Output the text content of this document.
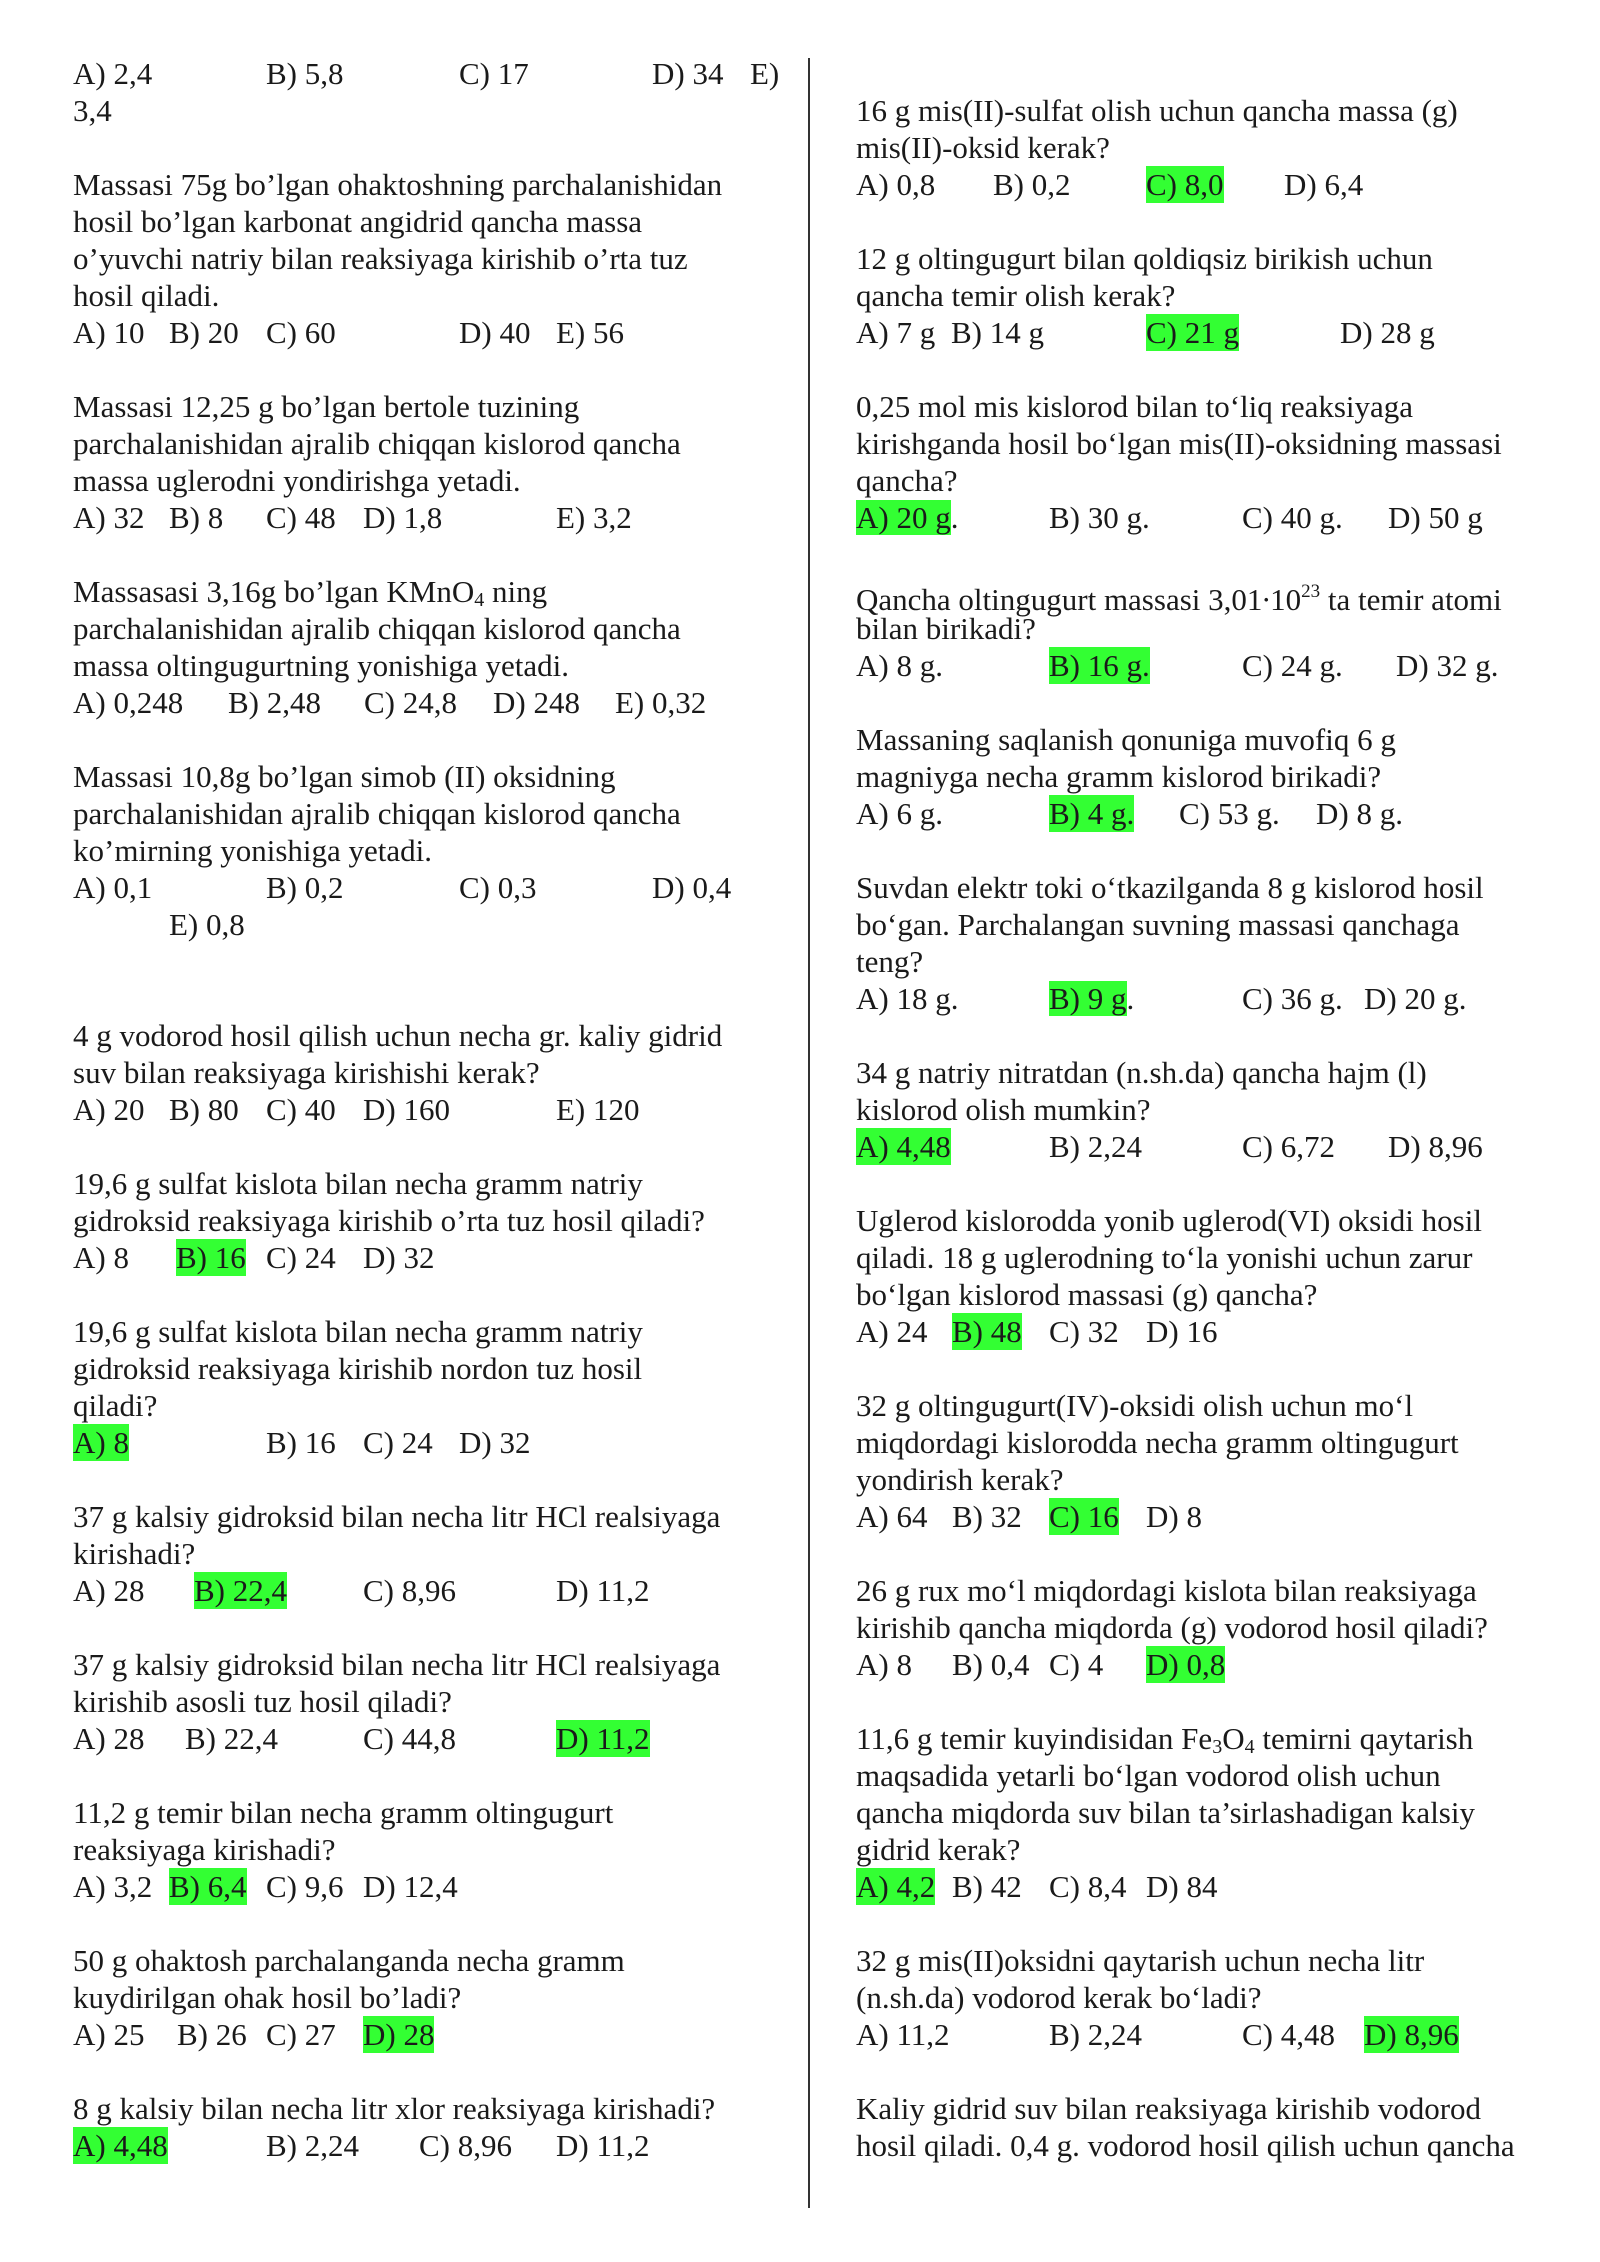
A) 2,4	B) 5,8	C) 17	D) 34 E)
3,4
Massasi 75g bo’lgan ohaktoshning parchalanishidan
hosil bo’lgan karbonat angidrid qancha massa
o’yuvchi natriy bilan reaksiyaga kirishib o’rta tuz
hosil qiladi.
A) 10 B) 20 C) 60	D) 40 E) 56
Massasi 12,25 g bo’lgan bertole tuzining
parchalanishidan ajralib chiqqan kislorod qancha
massa uglerodni yondirishga yetadi.
A) 32 B) 8 C) 48 D) 1,8	E) 3,2
Massasasi 3,16g bo’lgan KMnO$_4$ ning
parchalanishidan ajralib chiqqan kislorod qancha
massa oltingugurtning yonishiga yetadi.
A) 0,248 B) 2,48 C) 24,8 D) 248 E) 0,32
Massasi 10,8g bo’lgan simob (II) oksidning
parchalanishidan ajralib chiqqan kislorod qancha
ko’mirning yonishiga yetadi.
A) 0,1	B) 0,2	C) 0,3	D) 0,4
E) 0,8
4 g vodorod hosil qilish uchun necha gr. kaliy gidrid
suv bilan reaksiyaga kirishishi kerak?
A) 20 B) 80 C) 40 D) 160	E) 120
19,6 g sulfat kislota bilan necha gramm natriy
gidroksid reaksiyaga kirishib o’rta tuz hosil qiladi?
A) 8 B) 16 C) 24 D) 32
19,6 g sulfat kislota bilan necha gramm natriy
gidroksid reaksiyaga kirishib nordon tuz hosil
qiladi?
A) 8	B) 16 C) 24 D) 32
37 g kalsiy gidroksid bilan necha litr HCl realsiyaga
kirishadi?
A) 28 B) 22,4 C) 8,96	D) 11,2
37 g kalsiy gidroksid bilan necha litr HCl realsiyaga
kirishib asosli tuz hosil qiladi?
A) 28 B) 22,4	C) 44,8	D) 11,2
11,2 g temir bilan necha gramm oltingugurt
reaksiyaga kirishadi?
A) 3,2 B) 6,4 C) 9,6 D) 12,4
50 g ohaktosh parchalanganda necha gramm
kuydirilgan ohak hosil bo’ladi?
A) 25 B) 26 C) 27 D) 28
8 g kalsiy bilan necha litr xlor reaksiyaga kirishadi?
A) 4,48	B) 2,24 C) 8,96 D) 11,2
16 g mis(II)-sulfat olish uchun qancha massa (g)
mis(II)-oksid kerak?
A) 0,8 B) 0,2 C) 8,0 D) 6,4
12 g oltingugurt bilan qoldiqsiz birikish uchun
qancha temir olish kerak?
A) 7 g B) 14 g	C) 21 g	D) 28 g
0,25 mol mis kislorod bilan to‘liq reaksiyaga
kirishganda hosil bo‘lgan mis(II)-oksidning massasi
qancha?
A) 20 g.	B) 30 g.	C) 40 g. D) 50 g
Qancha oltingugurt massasi $3,01\cdot 10^{23}$ ta temir atomi
bilan birikadi?
A) 8 g.	B) 16 g.	C) 24 g. D) 32 g.
Massaning saqlanish qonuniga muvofiq 6 g
magniyga necha gramm kislorod birikadi?
A) 6 g.	B) 4 g. C) 53 g. D) 8 g.
Suvdan elektr toki o‘tkazilganda 8 g kislorod hosil
bo‘gan. Parchalangan suvning massasi qanchaga
teng?
A) 18 g.	B) 9 g.	C) 36 g. D) 20 g.
34 g natriy nitratdan (n.sh.da) qancha hajm (l)
kislorod olish mumkin?
A) 4,48	B) 2,24	C) 6,72 D) 8,96
Uglerod kislorodda yonib uglerod(VI) oksidi hosil
qiladi. 18 g uglerodning to‘la yonishi uchun zarur
bo‘lgan kislorod massasi (g) qancha?
A) 24 B) 48 C) 32 D) 16
32 g oltingugurt(IV)-oksidi olish uchun mo‘l
miqdordagi kislorodda necha gramm oltingugurt
yondirish kerak?
A) 64 B) 32 C) 16 D) 8
26 g rux mo‘l miqdordagi kislota bilan reaksiyaga
kirishib qancha miqdorda (g) vodorod hosil qiladi?
A) 8 B) 0,4 C) 4 D) 0,8
11,6 g temir kuyindisidan $Fe_3O_4$ temirni qaytarish
maqsadida yetarli bo‘lgan vodorod olish uchun
qancha miqdorda suv bilan ta’sirlashadigan kalsiy
gidrid kerak?
A) 4,2 B) 42 C) 8,4 D) 84
32 g mis(II)oksidni qaytarish uchun necha litr
(n.sh.da) vodorod kerak bo‘ladi?
A) 11,2	B) 2,24	C) 4,48 D) 8,96
Kaliy gidrid suv bilan reaksiyaga kirishib vodorod
hosil qiladi. 0,4 g. vodorod hosil qilish uchun qancha
